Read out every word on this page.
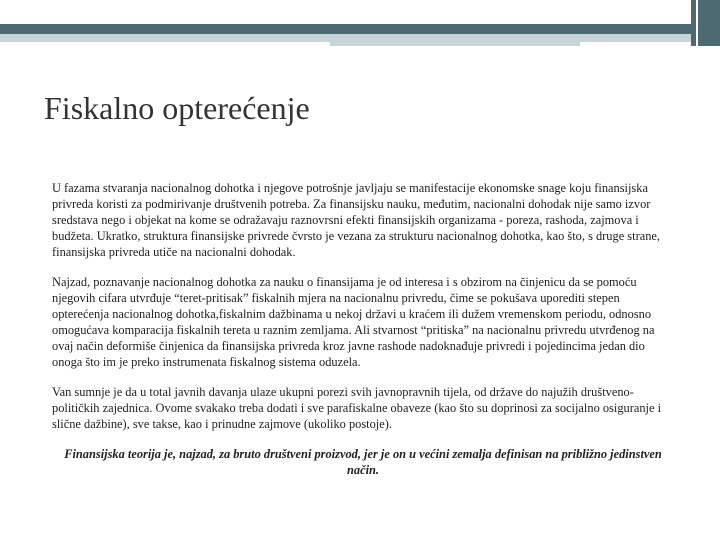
Fiskalno opterećenje

U fazama stvaranja nacionalnog dohotka i njegove potrošnje javljaju se manifestacije ekonomske snage koju finansijska privreda koristi za podmirivanje društvenih potreba. Za finansijsku nauku, međutim, nacionalni dohodak nije samo izvor sredstava nego i objekat na kome se odražavaju raznovrsni efekti finansijskih organizama - poreza, rashoda, zajmova i budžeta. Ukratko, struktura finansijske privrede čvrsto je vezana za strukturu nacionalnog dohotka, kao što, s druge strane, finansijska privreda utiče na nacionalni dohodak.

Najzad, poznavanje nacionalnog dohotka za nauku o finansijama je od interesa i s obzirom na činjenicu da se pomoću njegovih cifara utvrđuje “teret-pritisak” fiskalnih mjera na nacionalnu privredu, čime se pokušava uporediti stepen opterećenja nacionalnog dohotka,fiskalnim dažbinama u nekoj državi u kraćem ili dužem vremenskom periodu, odnosno omogućava komparacija fiskalnih tereta u raznim zemljama. Ali stvarnost “pritiska” na nacionalnu privredu utvrđenog na ovaj način deformiše činjenica da finansijska privreda kroz javne rashode nadoknađuje privredi i pojedincima jedan dio onoga što im je preko instrumenata fiskalnog sistema oduzela.

Van sumnje je da u total javnih davanja ulaze ukupni porezi svih javnopravnih tijela, od države do najužih društveno- političkih zajednica. Ovome svakako treba dodati i sve parafiskalne obaveze (kao što su doprinosi za socijalno osiguranje i slične dažbine), sve takse, kao i prinudne zajmove (ukoliko postoje).

Finansijska teorija je, najzad, za bruto društveni proizvod, jer je on u većini zemalja definisan na približno jedinstven način.
